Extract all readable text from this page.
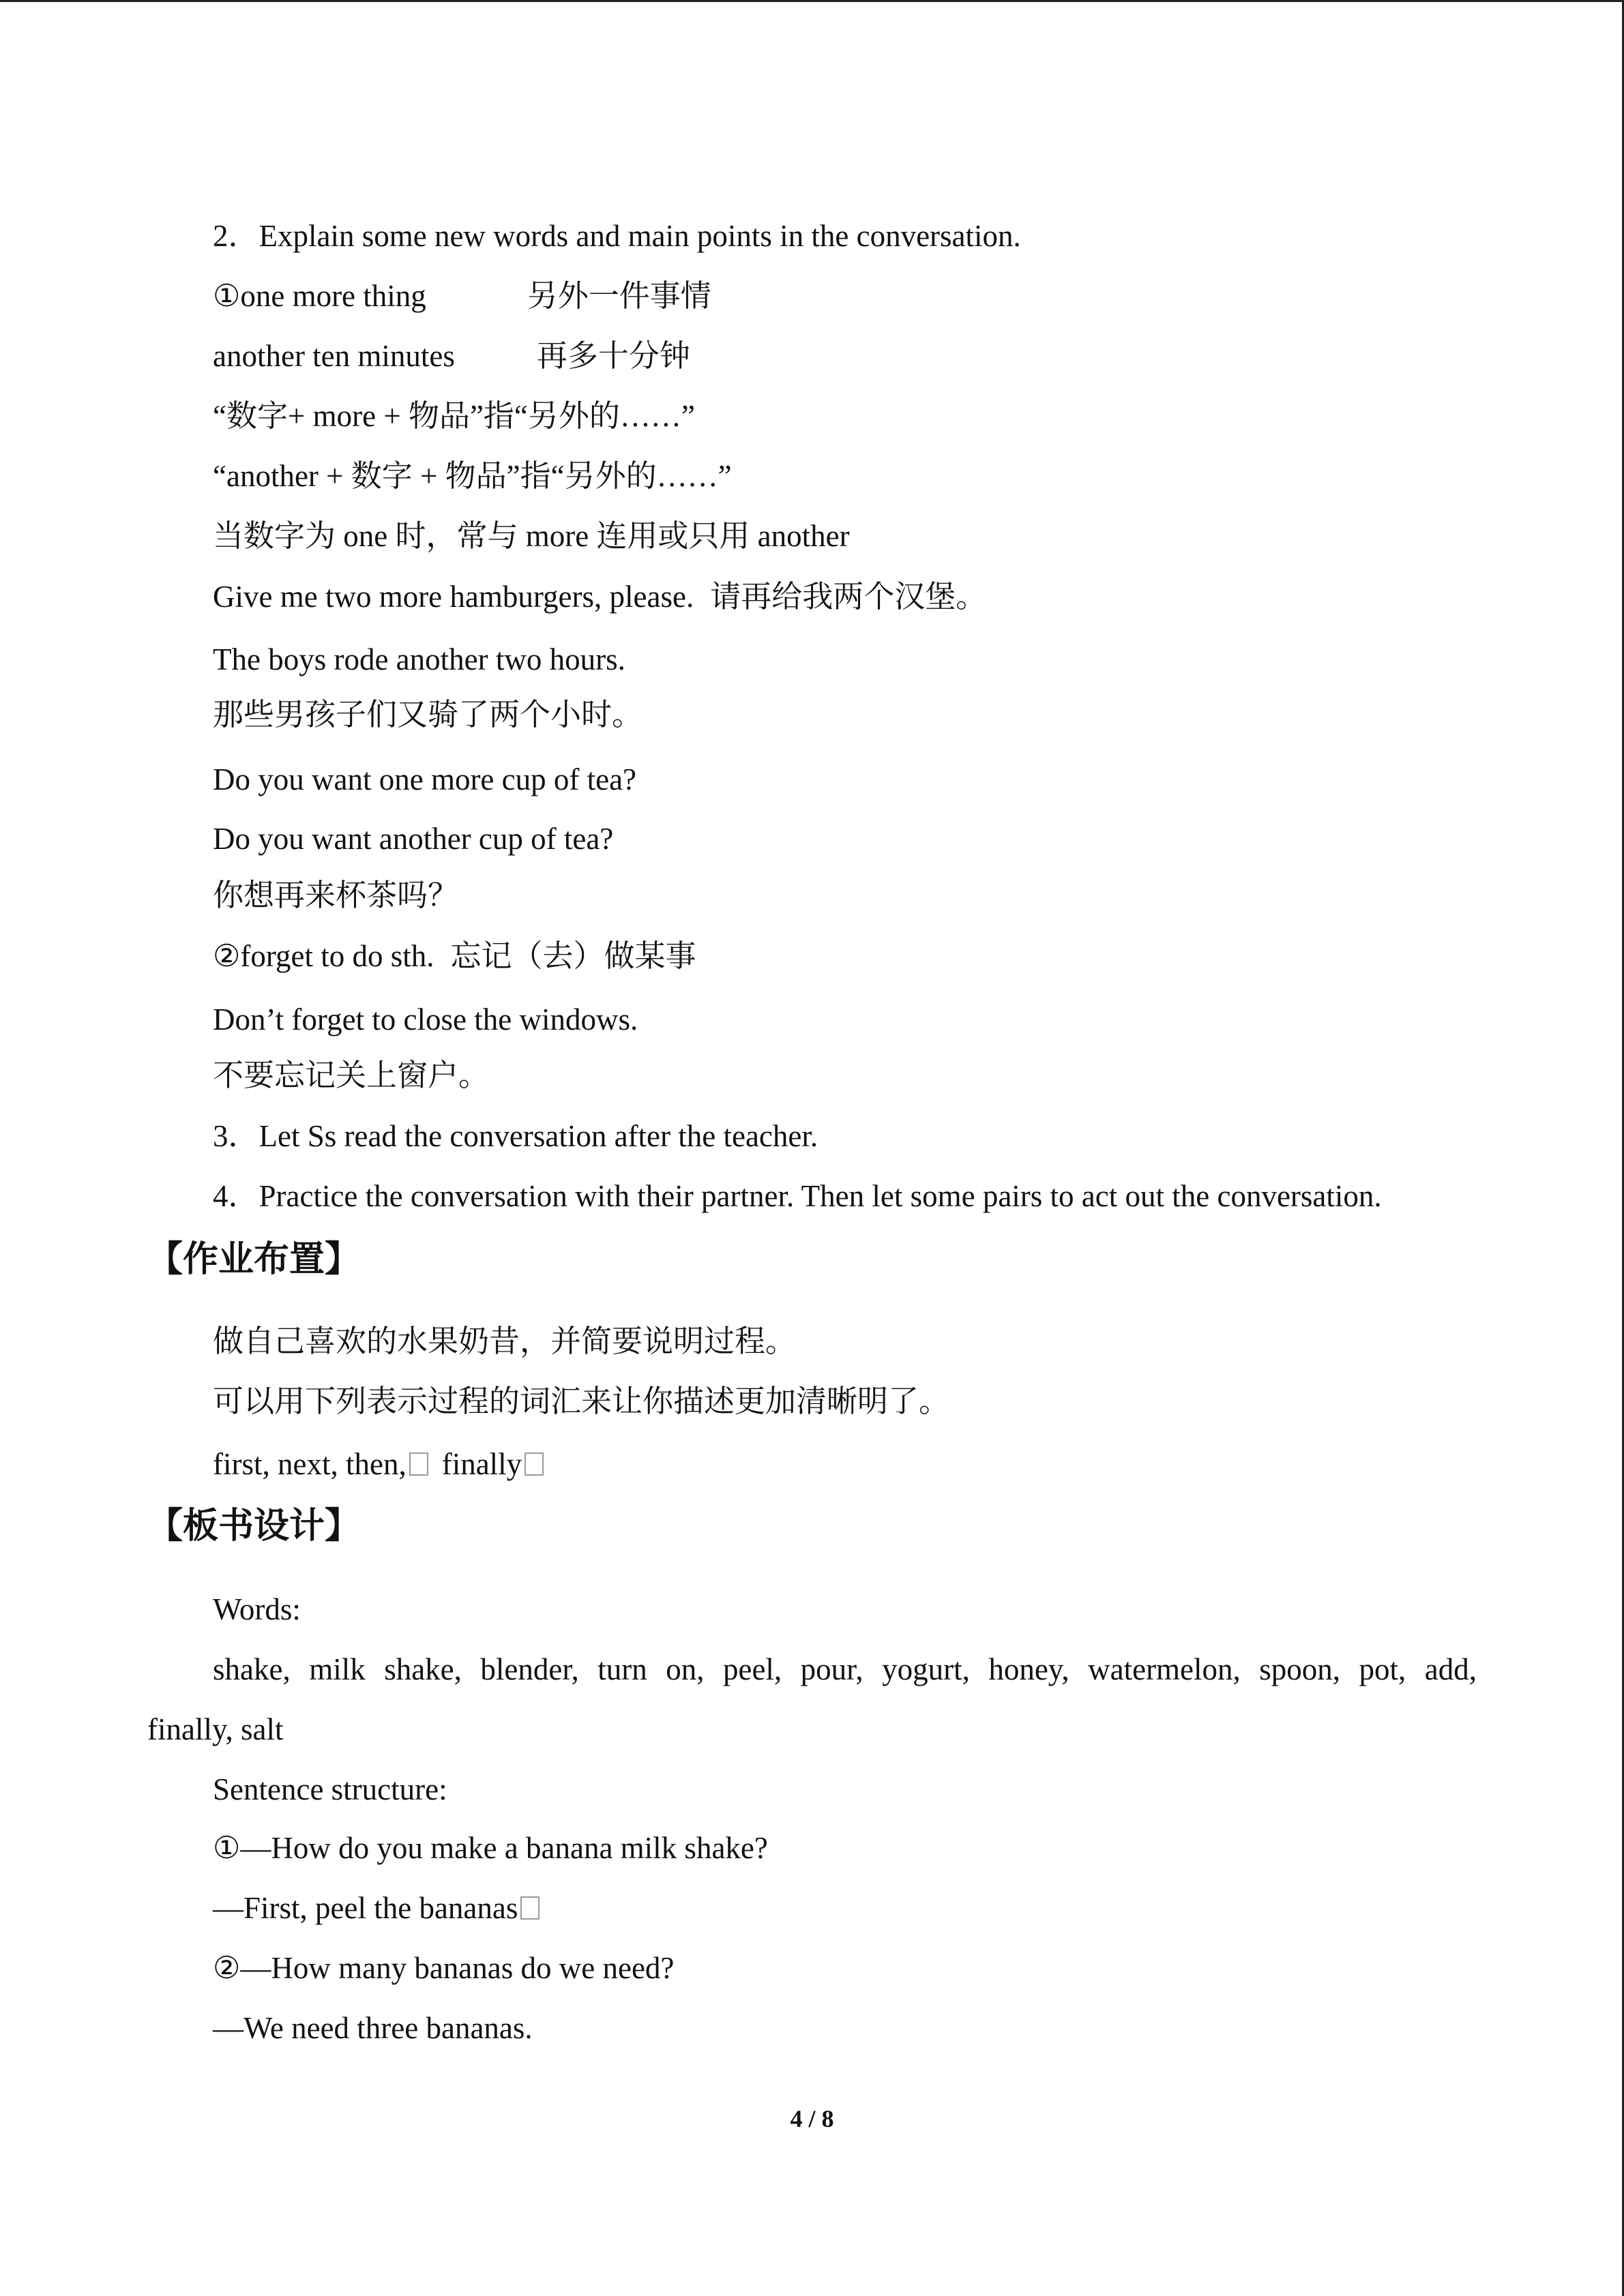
2．Explain some new words and main points in the conversation.
①one more thing	另外一件事情
another ten minutes	再多十分钟
“数字+ more + 物品”指“另外的……”
“another + 数字 + 物品”指“另外的……”
当数字为 one 时，常与 more 连用或只用 another
Give me two more hamburgers, please. 请再给我两个汉堡。
The boys rode another two hours.
那些男孩子们又骑了两个小时。
Do you want one more cup of tea?
Do you want another cup of tea?
你想再来杯茶吗？
②forget to do sth. 忘记（去）做某事
Don’t forget to close the windows.
不要忘记关上窗户。
3．Let Ss read the conversation after the teacher.
4．Practice the conversation with their partner. Then let some pairs to act out the conversation.
【作业布置】
做自己喜欢的水果奶昔，并简要说明过程。
可以用下列表示过程的词汇来让你描述更加清晰明了。
first, next, then, finally
【板书设计】
Words:
shake, milk shake, blender, turn on, peel, pour, yogurt, honey, watermelon, spoon, pot, add,
finally, salt
Sentence structure:
①—How do you make a banana milk shake?
—First, peel the bananas
②—How many bananas do we need?
—We need three bananas.
4 / 8
